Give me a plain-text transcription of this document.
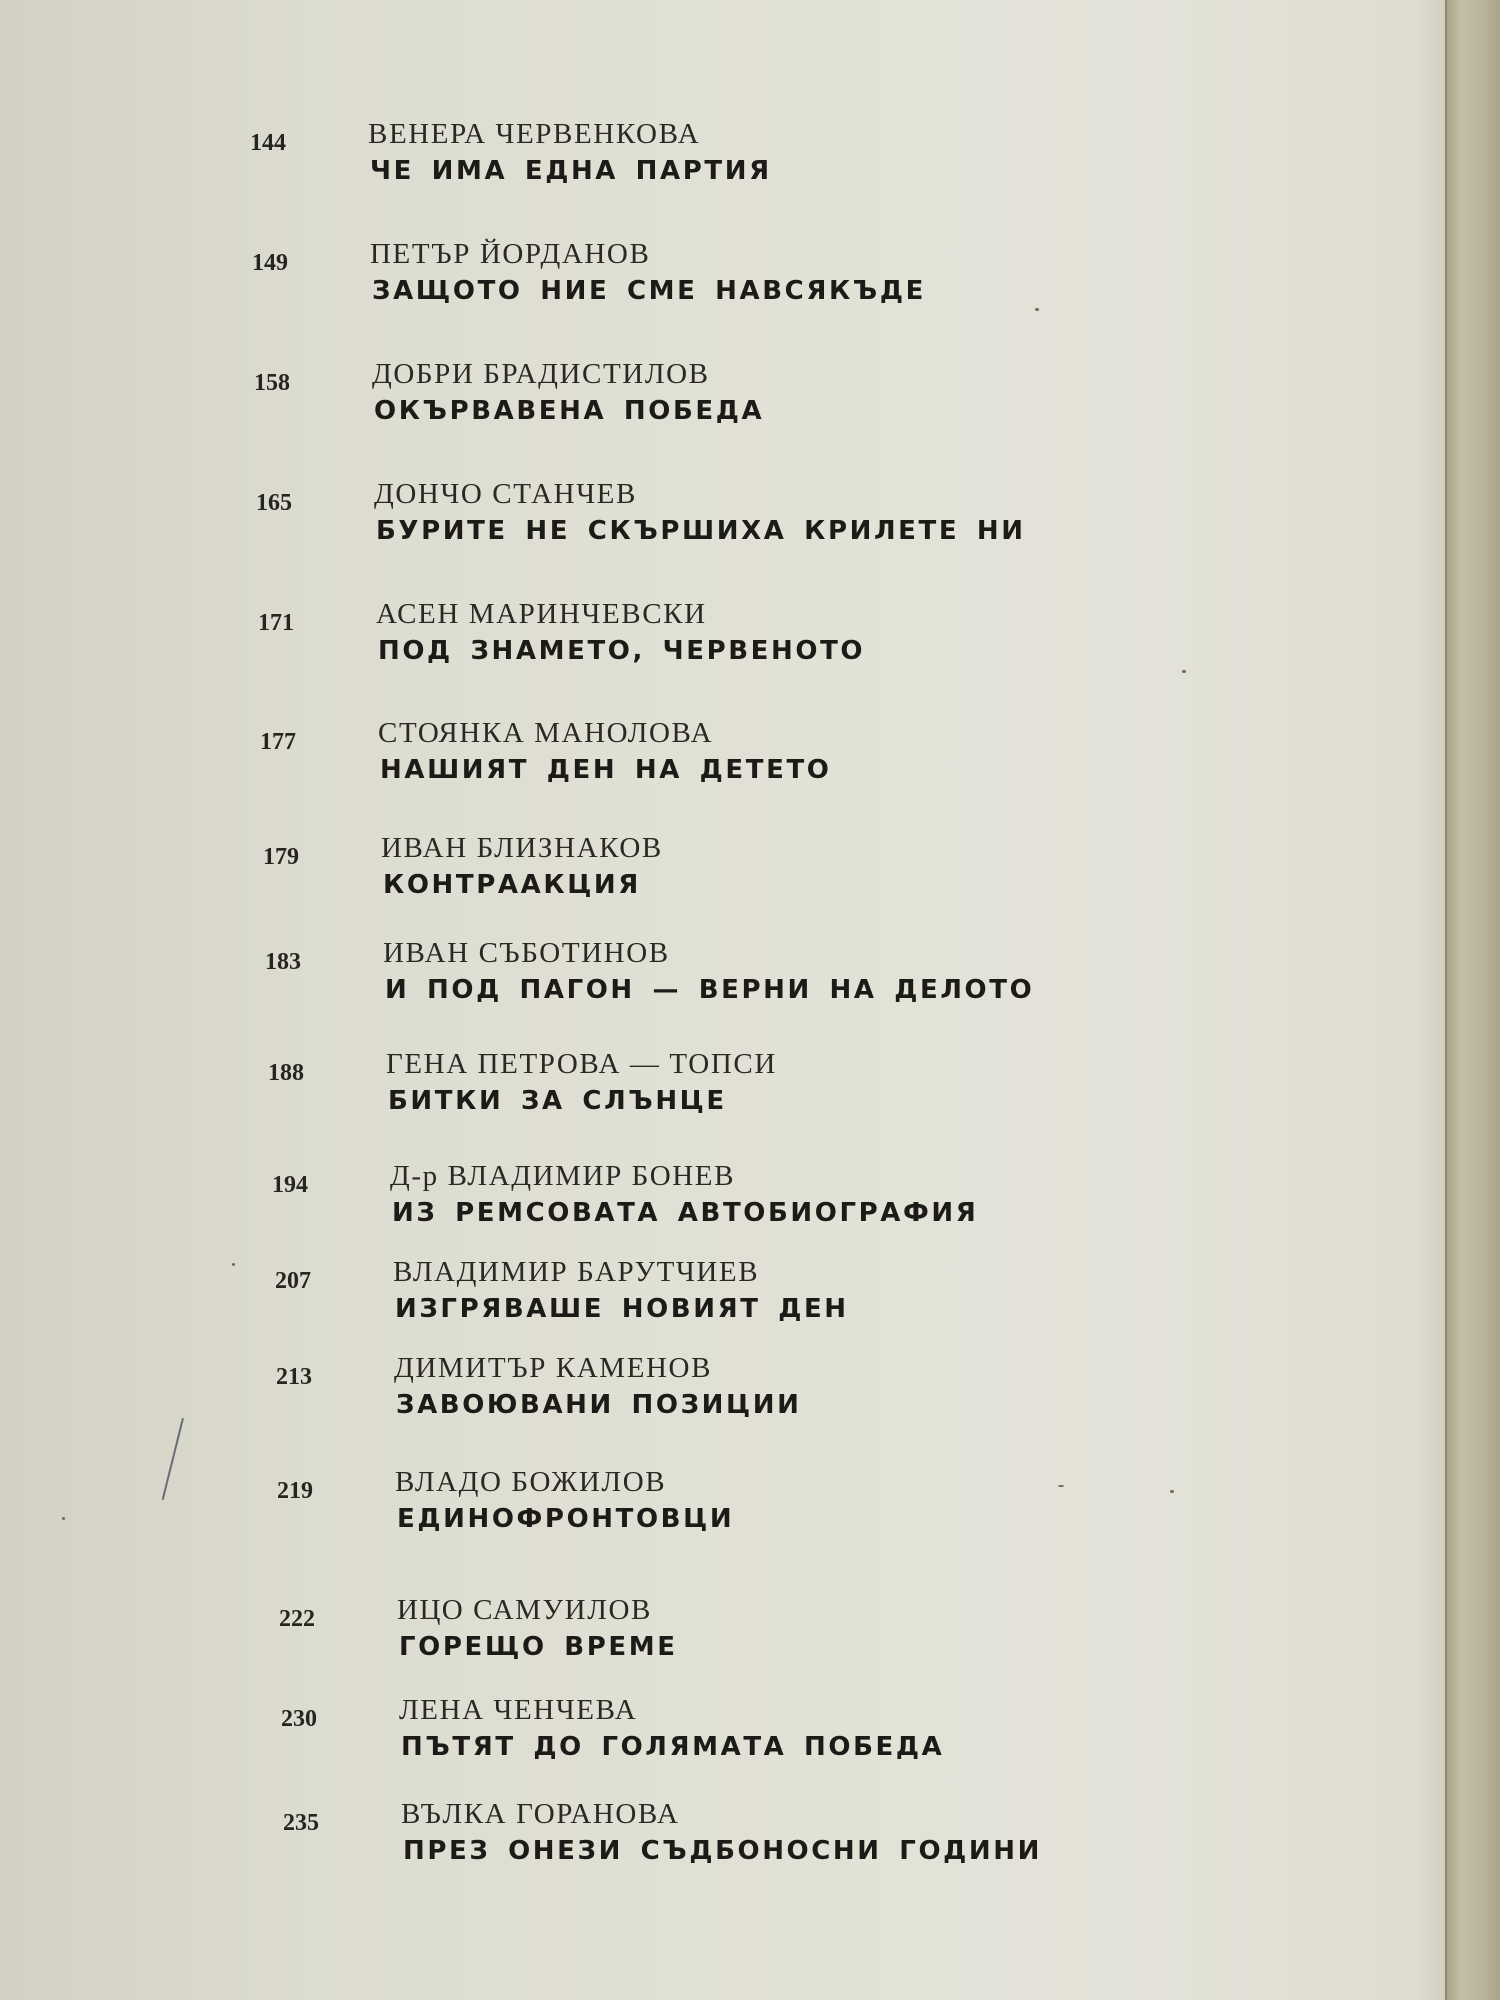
144	ВЕНЕРА ЧЕРВЕНКОВА
ЧЕ ИМА ЕДНА ПАРТИЯ
149	ПЕТЪР ЙОРДАНОВ
ЗАЩОТО НИЕ СМЕ НАВСЯКЪДЕ
158	ДОБРИ БРАДИСТИЛОВ
ОКЪРВАВЕНА ПОБЕДА
165	ДОНЧО СТАНЧЕВ
БУРИТЕ НЕ СКЪРШИХА КРИЛЕТЕ НИ
171	АСЕН МАРИНЧЕВСКИ
ПОД ЗНАМЕТО, ЧЕРВЕНОТО
177	СТОЯНКА МАНОЛОВА
НАШИЯТ ДЕН НА ДЕТЕТО
179	ИВАН БЛИЗНАКОВ
КОНТРААКЦИЯ
183	ИВАН СЪБОТИНОВ
И ПОД ПАГОН — ВЕРНИ НА ДЕЛОТО
188	ГЕНА ПЕТРОВА — ТОПСИ
БИТКИ ЗА СЛЪНЦЕ
194	Д-р ВЛАДИМИР БОНЕВ
ИЗ РЕМСОВАТА АВТОБИОГРАФИЯ
207	ВЛАДИМИР БАРУТЧИЕВ
ИЗГРЯВАШЕ НОВИЯТ ДЕН
213	ДИМИТЪР КАМЕНОВ
ЗАВОЮВАНИ ПОЗИЦИИ
219	ВЛАДО БОЖИЛОВ
ЕДИНОФРОНТОВЦИ
222	ИЦО САМУИЛОВ
ГОРЕЩО ВРЕМЕ
230	ЛЕНА ЧЕНЧЕВА
ПЪТЯТ ДО ГОЛЯМАТА ПОБЕДА
235	ВЪЛКА ГОРАНОВА
ПРЕЗ ОНЕЗИ СЪДБОНОСНИ ГОДИНИ
